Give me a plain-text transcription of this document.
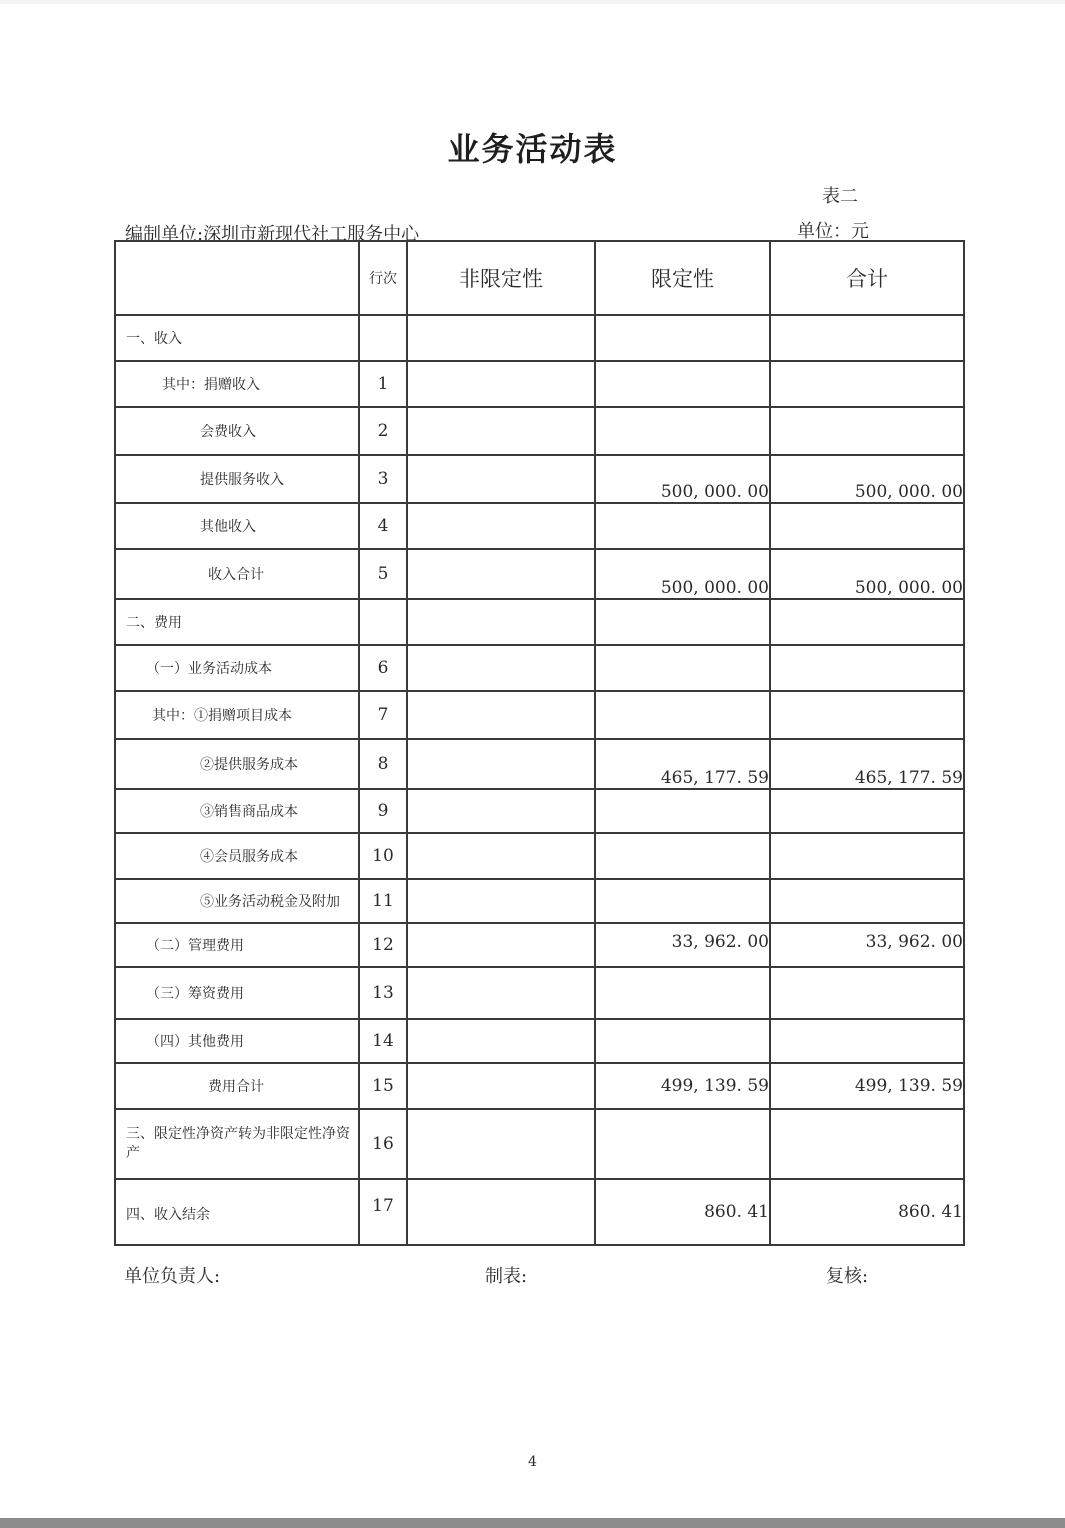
业务活动表
表二
编制单位:深圳市新现代社工服务中心	单位：元
	行次	非限定性	限定性	合计
一、收入				
其中：捐赠收入	1			
会费收入	2			
提供服务收入	3		500, 000. 00	500, 000. 00
其他收入	4			
收入合计	5		500, 000. 00	500, 000. 00
二、费用				
（一）业务活动成本	6			
其中：①捐赠项目成本	7			
②提供服务成本	8		465, 177. 59	465, 177. 59
③销售商品成本	9			
④会员服务成本	10			
⑤业务活动税金及附加	11			
（二）管理费用	12		33, 962. 00	33, 962. 00
（三）筹资费用	13			
（四）其他费用	14			
费用合计	15		499, 139. 59	499, 139. 59
三、限定性净资产转为非限定性净资产	16			
四、收入结余	17		860. 41	860. 41
单位负责人:	制表:	复核:
4
